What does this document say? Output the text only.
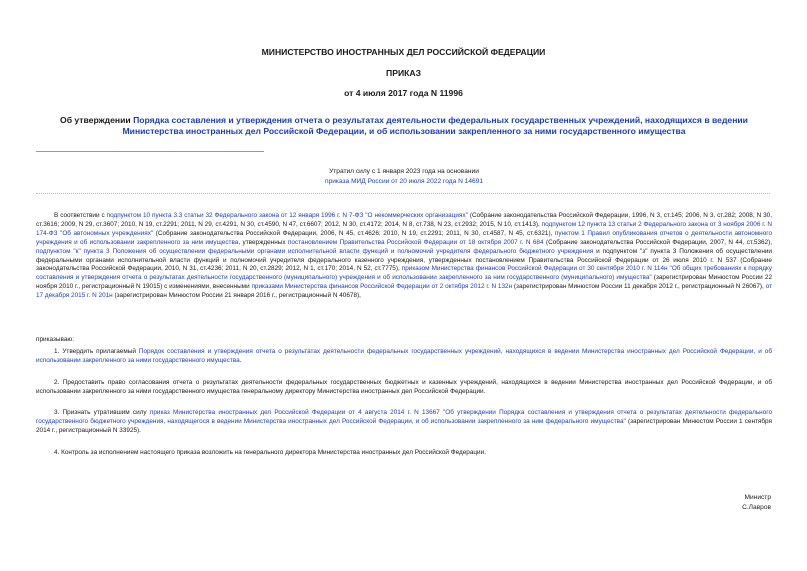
МИНИСТЕРСТВО ИНОСТРАННЫХ ДЕЛ РОССИЙСКОЙ ФЕДЕРАЦИИ
ПРИКАЗ
от 4 июля 2017 года N 11996
Об утверждении Порядка составления и утверждения отчета о результатах деятельности федеральных государственных учреждений, находящихся в ведении Министерства иностранных дел Российской Федерации, и об использовании закрепленного за ними государственного имущества
Утратил силу с 1 января 2023 года на основании
приказа МИД России от 20 июля 2022 года N 14691
В соответствии с подпунктом 10 пункта 3.3 статьи 32 Федерального закона от 12 января 1996 г. N 7-ФЗ "О некоммерческих организациях" (Собрание законодательства Российской Федерации, 1996, N 3, ст.145; 2006, N 3, ст.282; 2008, N 30, ст.3616; 2009, N 29, ст.3607; 2010, N 19, ст.2291; 2011, N 29, ст.4291, N 30, ст.4590, N 47, ст.6607; 2012, N 30, ст.4172; 2014, N 8, ст.738, N 23, ст.2932; 2015, N 10, ст.1413), подпунктом 12 пункта 13 статьи 2 Федерального закона от 3 ноября 2006 г. N 174-ФЗ "Об автономных учреждениях" (Собрание законодательства Российской Федерации, 2006, N 45, ст.4626; 2010, N 19, ст.2291; 2011, N 30, ст.4587, N 45, ст.6321), пунктом 1 Правил опубликования отчетов о деятельности автономного учреждения и об использовании закрепленного за ним имущества, утвержденных постановлением Правительства Российской Федерации от 18 октября 2007 г. N 684 (Собрание законодательства Российской Федерации, 2007, N 44, ст.5362), подпунктом "к" пункта 3 Положения об осуществлении федеральными органами исполнительной власти функций и полномочий учредителя федерального бюджетного учреждения и подпунктом "з" пункта 3 Положения об осуществлении федеральными органами исполнительной власти функций и полномочий учредителя федерального казенного учреждения, утвержденных постановлением Правительства Российской Федерации от 26 июля 2010 г. N 537 (Собрание законодательства Российской Федерации, 2010, N 31, ст.4236; 2011, N 20, ст.2829; 2012, N 1, ст.170; 2014, N 52, ст.7775), приказом Министерства финансов Российской Федерации от 30 сентября 2010 г. N 114н "Об общих требованиях к порядку составления и утверждения отчета о результатах деятельности государственного (муниципального) учреждения и об использовании закрепленного за ним государственного (муниципального) имущества" (зарегистрирован Минюстом России 22 ноября 2010 г., регистрационный N 19015) с изменениями, внесенными приказами Министерства финансов Российской Федерации от 2 октября 2012 г. N 132н (зарегистрирован Минюстом России 11 декабря 2012 г., регистрационный N 26067), от 17 декабря 2015 г. N 201н (зарегистрирован Минюстом России 21 января 2016 г., регистрационный N 40678),
приказываю:
1. Утвердить прилагаемый Порядок составления и утверждения отчета о результатах деятельности федеральных государственных учреждений, находящихся в ведении Министерства иностранных дел Российской Федерации, и об использовании закрепленного за ними государственного имущества.
2. Предоставить право согласования отчета о результатах деятельности федеральных государственных бюджетных и казенных учреждений, находящихся в ведении Министерства иностранных дел Российской Федерации, и об использовании закрепленного за ними государственного имущества генеральному директору Министерства иностранных дел Российской Федерации.
3. Признать утратившим силу приказ Министерства иностранных дел Российской Федерации от 4 августа 2014 г. N 13667 "Об утверждении Порядка составления и утверждения отчета о результатах деятельности федерального государственного бюджетного учреждения, находящегося в ведении Министерства иностранных дел Российской Федерации, и об использовании закрепленного за ним федерального имущества" (зарегистрирован Минюстом России 1 сентября 2014 г., регистрационный N 33925).
4. Контроль за исполнением настоящего приказа возложить на генерального директора Министерства иностранных дел Российской Федерации.
Министр
С.Лавров
